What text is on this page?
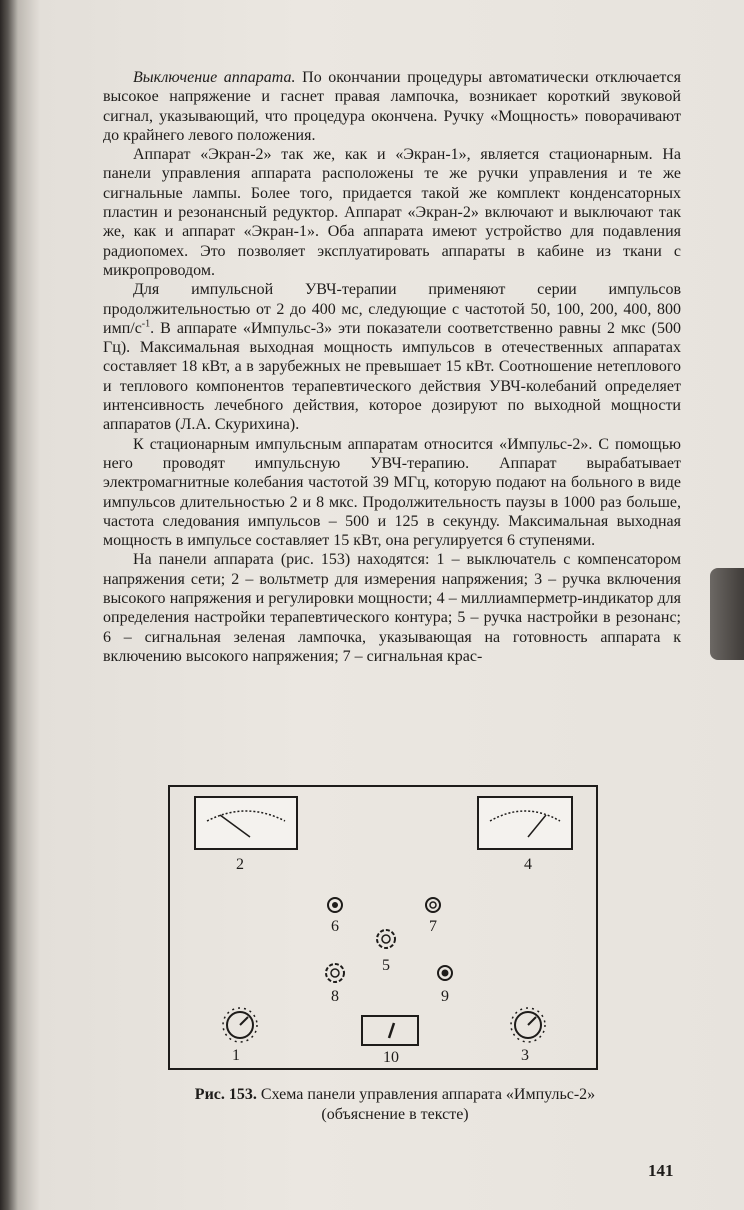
Выключение аппарата. По окончании процедуры автоматически отключается высокое напряжение и гаснет правая лампочка, возникает короткий звуковой сигнал, указывающий, что процедура окончена. Ручку «Мощность» поворачивают до крайнего левого положения.

Аппарат «Экран-2» так же, как и «Экран-1», является стационарным. На панели управления аппарата расположены те же ручки управления и те же сигнальные лампы. Более того, придается такой же комплект конденсаторных пластин и резонансный редуктор. Аппарат «Экран-2» включают и выключают так же, как и аппарат «Экран-1». Оба аппарата имеют устройство для подавления радиопомех. Это позволяет эксплуатировать аппараты в кабине из ткани с микропроводом.

Для импульсной УВЧ-терапии применяют серии импульсов продолжительностью от 2 до 400 мс, следующие с частотой 50, 100, 200, 400, 800 имп/$с^{-1}$. В аппарате «Импульс-3» эти показатели соответственно равны 2 мкс (500 Гц). Максимальная выходная мощность импульсов в отечественных аппаратах составляет 18 кВт, а в зарубежных не превышает 15 кВт. Соотношение нетеплового и теплового компонентов терапевтического действия УВЧ-колебаний определяет интенсивность лечебного действия, которое дозируют по выходной мощности аппаратов (Л.А. Скурихина).

К стационарным импульсным аппаратам относится «Импульс-2». С помощью него проводят импульсную УВЧ-терапию. Аппарат вырабатывает электромагнитные колебания частотой 39 МГц, которую подают на больного в виде импульсов длительностью 2 и 8 мкс. Продолжительность паузы в 1000 раз больше, частота следования импульсов – 500 и 125 в секунду. Максимальная выходная мощность в импульсе составляет 15 кВт, она регулируется 6 ступенями.

На панели аппарата (рис. 153) находятся: 1 – выключатель с компенсатором напряжения сети; 2 – вольтметр для измерения напряжения; 3 – ручка включения высокого напряжения и регулировки мощности; 4 – миллиамперметр-индикатор для определения настройки терапевтического контура; 5 – ручка настройки в резонанс; 6 – сигнальная зеленая лампочка, указывающая на готовность аппарата к включению высокого напряжения; 7 – сигнальная крас-

2	4
6	7
5
8	9
1	3
10
Рис. 153. Схема панели управления аппарата «Импульс-2»
(объяснение в тексте)
141
